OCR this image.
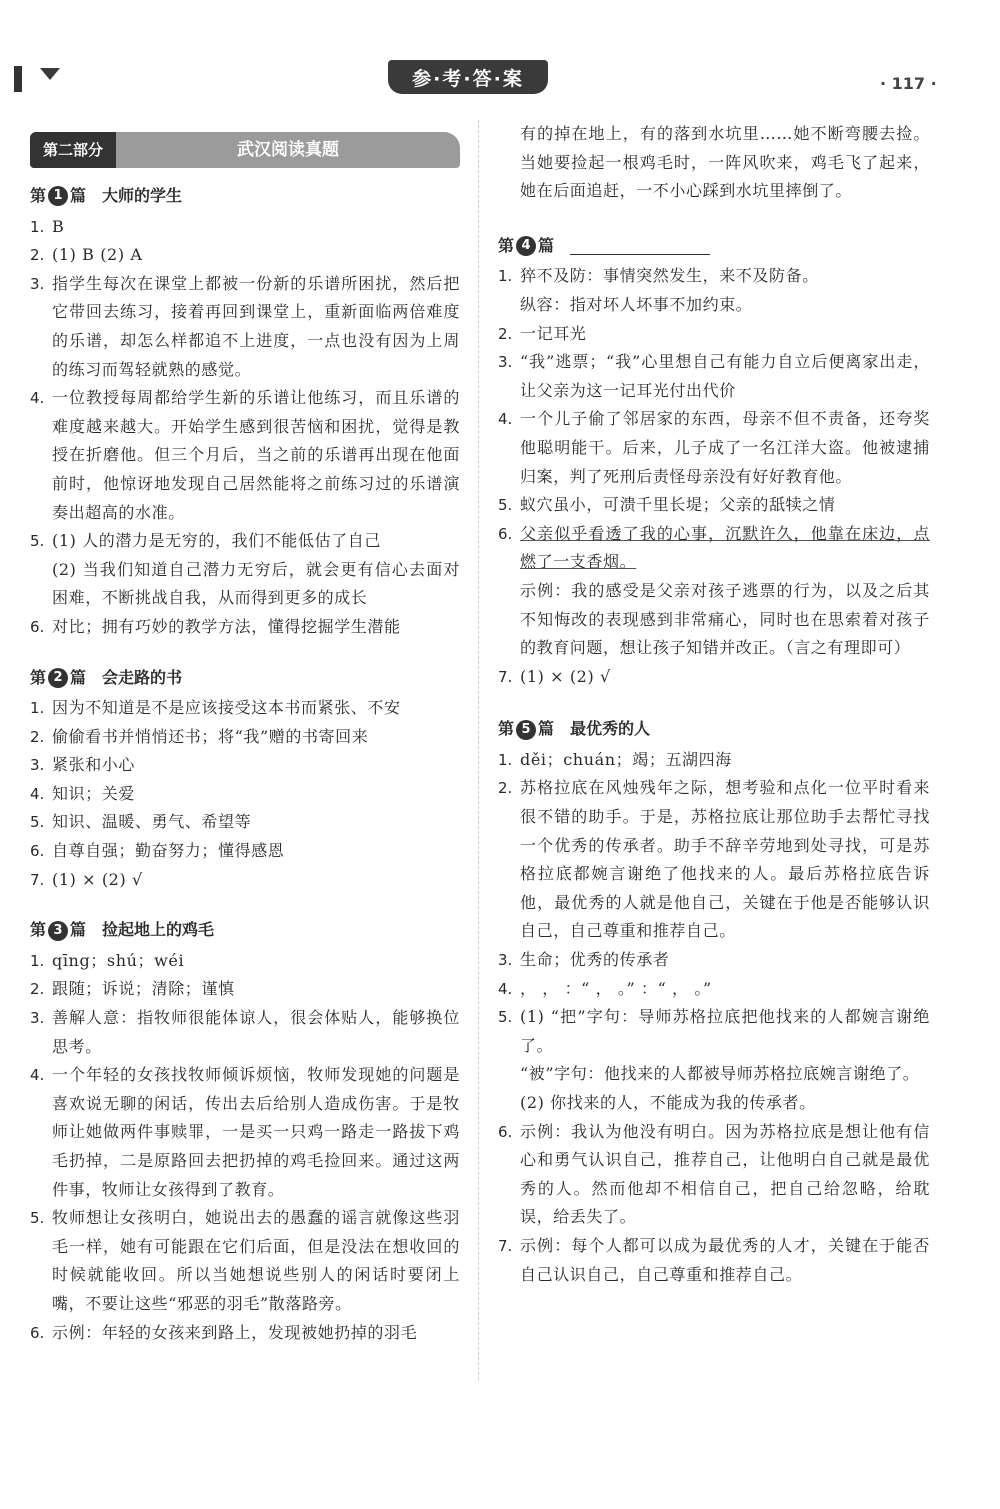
参·考·答·案	· 117 ·
第二部分	武汉阅读真题
第 1 篇 大师的学生
1. B
2. (1) B (2) A
3. 指学生每次在课堂上都被一份新的乐谱所困扰，然后把它带回去练习，接着再回到课堂上，重新面临两倍难度的乐谱，却怎么样都追不上进度，一点也没有因为上周的练习而驾轻就熟的感觉。
4. 一位教授每周都给学生新的乐谱让他练习，而且乐谱的难度越来越大。开始学生感到很苦恼和困扰，觉得是教授在折磨他。但三个月后，当之前的乐谱再出现在他面前时，他惊讶地发现自己居然能将之前练习过的乐谱演奏出超高的水准。
5. (1) 人的潜力是无穷的，我们不能低估了自己
(2) 当我们知道自己潜力无穷后，就会更有信心去面对困难，不断挑战自我，从而得到更多的成长
6. 对比；拥有巧妙的教学方法，懂得挖掘学生潜能
第 2 篇 会走路的书
1. 因为不知道是不是应该接受这本书而紧张、不安
2. 偷偷看书并悄悄还书；将“我”赠的书寄回来
3. 紧张和小心
4. 知识；关爱
5. 知识、温暖、勇气、希望等
6. 自尊自强；勤奋努力；懂得感恩
7. (1) × (2) √
第 3 篇 捡起地上的鸡毛
1. qīng；shú；wéi
2. 跟随；诉说；清除；谨慎
3. 善解人意：指牧师很能体谅人，很会体贴人，能够换位思考。
4. 一个年轻的女孩找牧师倾诉烦恼，牧师发现她的问题是喜欢说无聊的闲话，传出去后给别人造成伤害。于是牧师让她做两件事赎罪，一是买一只鸡一路走一路拔下鸡毛扔掉，二是原路回去把扔掉的鸡毛捡回来。通过这两件事，牧师让女孩得到了教育。
5. 牧师想让女孩明白，她说出去的愚蠢的谣言就像这些羽毛一样，她有可能跟在它们后面，但是没法在想收回的时候就能收回。所以当她想说些别人的闲话时要闭上嘴，不要让这些“邪恶的羽毛”散落路旁。
6. 示例：年轻的女孩来到路上，发现被她扔掉的羽毛
有的掉在地上，有的落到水坑里……她不断弯腰去捡。当她要捡起一根鸡毛时，一阵风吹来，鸡毛飞了起来，她在后面追赶，一不小心踩到水坑里摔倒了。
第 4 篇
1. 猝不及防：事情突然发生，来不及防备。
纵容：指对坏人坏事不加约束。
2. 一记耳光
3. “我”逃票；“我”心里想自己有能力自立后便离家出走，让父亲为这一记耳光付出代价
4. 一个儿子偷了邻居家的东西，母亲不但不责备，还夸奖他聪明能干。后来，儿子成了一名江洋大盗。他被逮捕归案，判了死刑后责怪母亲没有好好教育他。
5. 蚁穴虽小，可溃千里长堤；父亲的舐犊之情
6. 父亲似乎看透了我的心事，沉默许久，他靠在床边，点燃了一支香烟。
示例：我的感受是父亲对孩子逃票的行为，以及之后其不知悔改的表现感到非常痛心，同时也在思索着对孩子的教育问题，想让孩子知错并改正。（言之有理即可）
7. (1) × (2) √
第 5 篇 最优秀的人
1. děi；chuán；竭；五湖四海
2. 苏格拉底在风烛残年之际，想考验和点化一位平时看来很不错的助手。于是，苏格拉底让那位助手去帮忙寻找一个优秀的传承者。助手不辞辛劳地到处寻找，可是苏格拉底都婉言谢绝了他找来的人。最后苏格拉底告诉他，最优秀的人就是他自己，关键在于他是否能够认识自己，自己尊重和推荐自己。
3. 生命；优秀的传承者
4. ， ， ：“ ， 。” ：“ ， 。”
5. (1) “把”字句：导师苏格拉底把他找来的人都婉言谢绝了。
“被”字句：他找来的人都被导师苏格拉底婉言谢绝了。
(2) 你找来的人，不能成为我的传承者。
6. 示例：我认为他没有明白。因为苏格拉底是想让他有信心和勇气认识自己，推荐自己，让他明白自己就是最优秀的人。然而他却不相信自己，把自己给忽略，给耽误，给丢失了。
7. 示例：每个人都可以成为最优秀的人才，关键在于能否自己认识自己，自己尊重和推荐自己。
